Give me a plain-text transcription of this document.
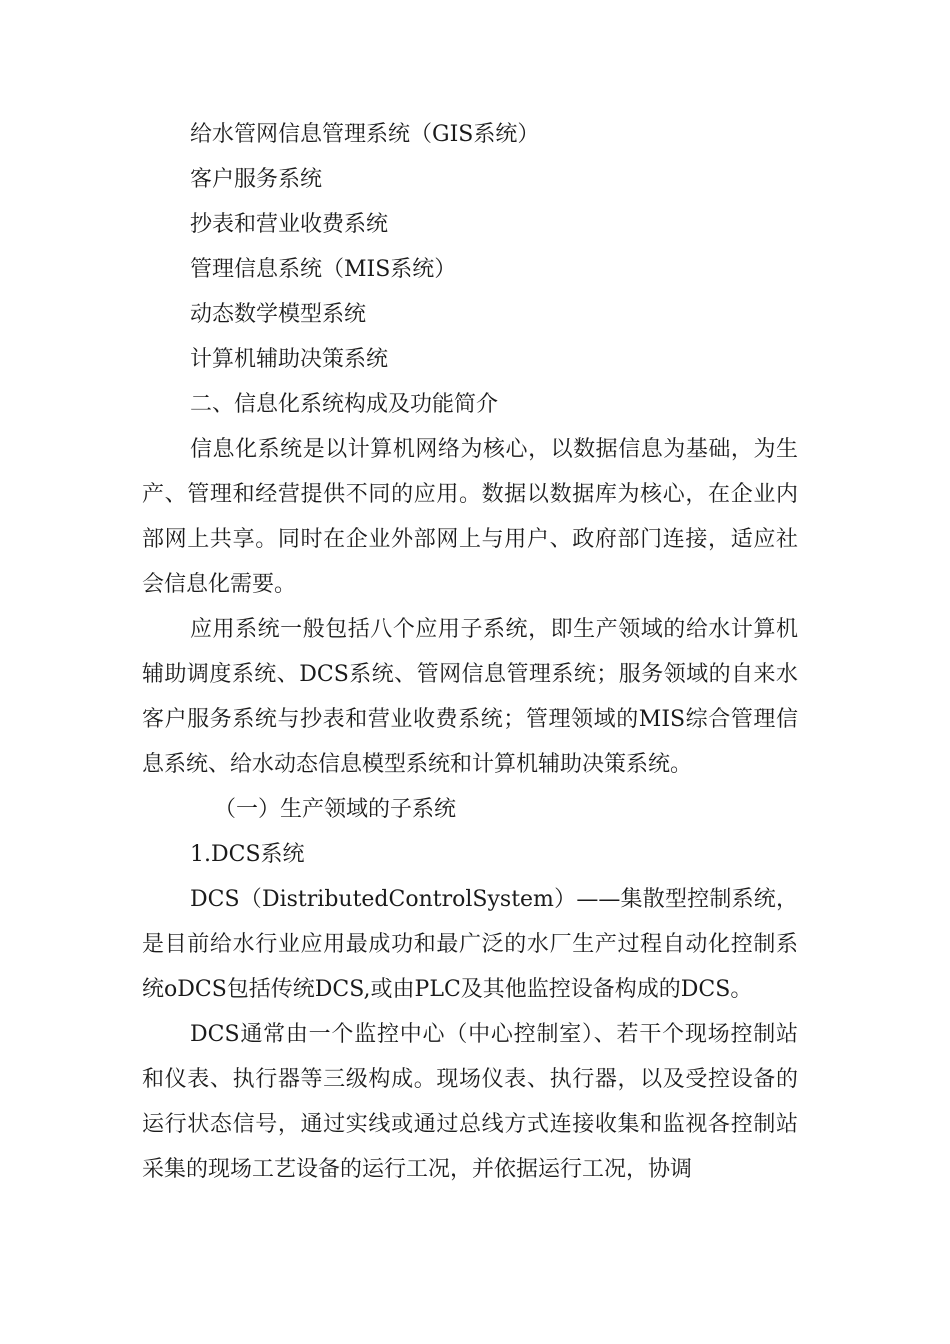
给水管网信息管理系统（GIS系统）

客户服务系统

抄表和营业收费系统

管理信息系统（MIS系统）

动态数学模型系统

计算机辅助决策系统

二、信息化系统构成及功能简介

信息化系统是以计算机网络为核心，以数据信息为基础，为生产、管理和经营提供不同的应用。数据以数据库为核心，在企业内部网上共享。同时在企业外部网上与用户、政府部门连接，适应社会信息化需要。

应用系统一般包括八个应用子系统，即生产领域的给水计算机辅助调度系统、DCS系统、管网信息管理系统；服务领域的自来水客户服务系统与抄表和营业收费系统；管理领域的MIS综合管理信息系统、给水动态信息模型系统和计算机辅助决策系统。

（一）生产领域的子系统

1.DCS系统

DCS（DistributedControlSystem）——集散型控制系统，是目前给水行业应用最成功和最广泛的水厂生产过程自动化控制系统oDCS包括传统DCS,或由PLC及其他监控设备构成的DCS。

DCS通常由一个监控中心（中心控制室）、若干个现场控制站和仪表、执行器等三级构成。现场仪表、执行器，以及受控设备的运行状态信号，通过实线或通过总线方式连接收集和监视各控制站采集的现场工艺设备的运行工况，并依据运行工况，协调
